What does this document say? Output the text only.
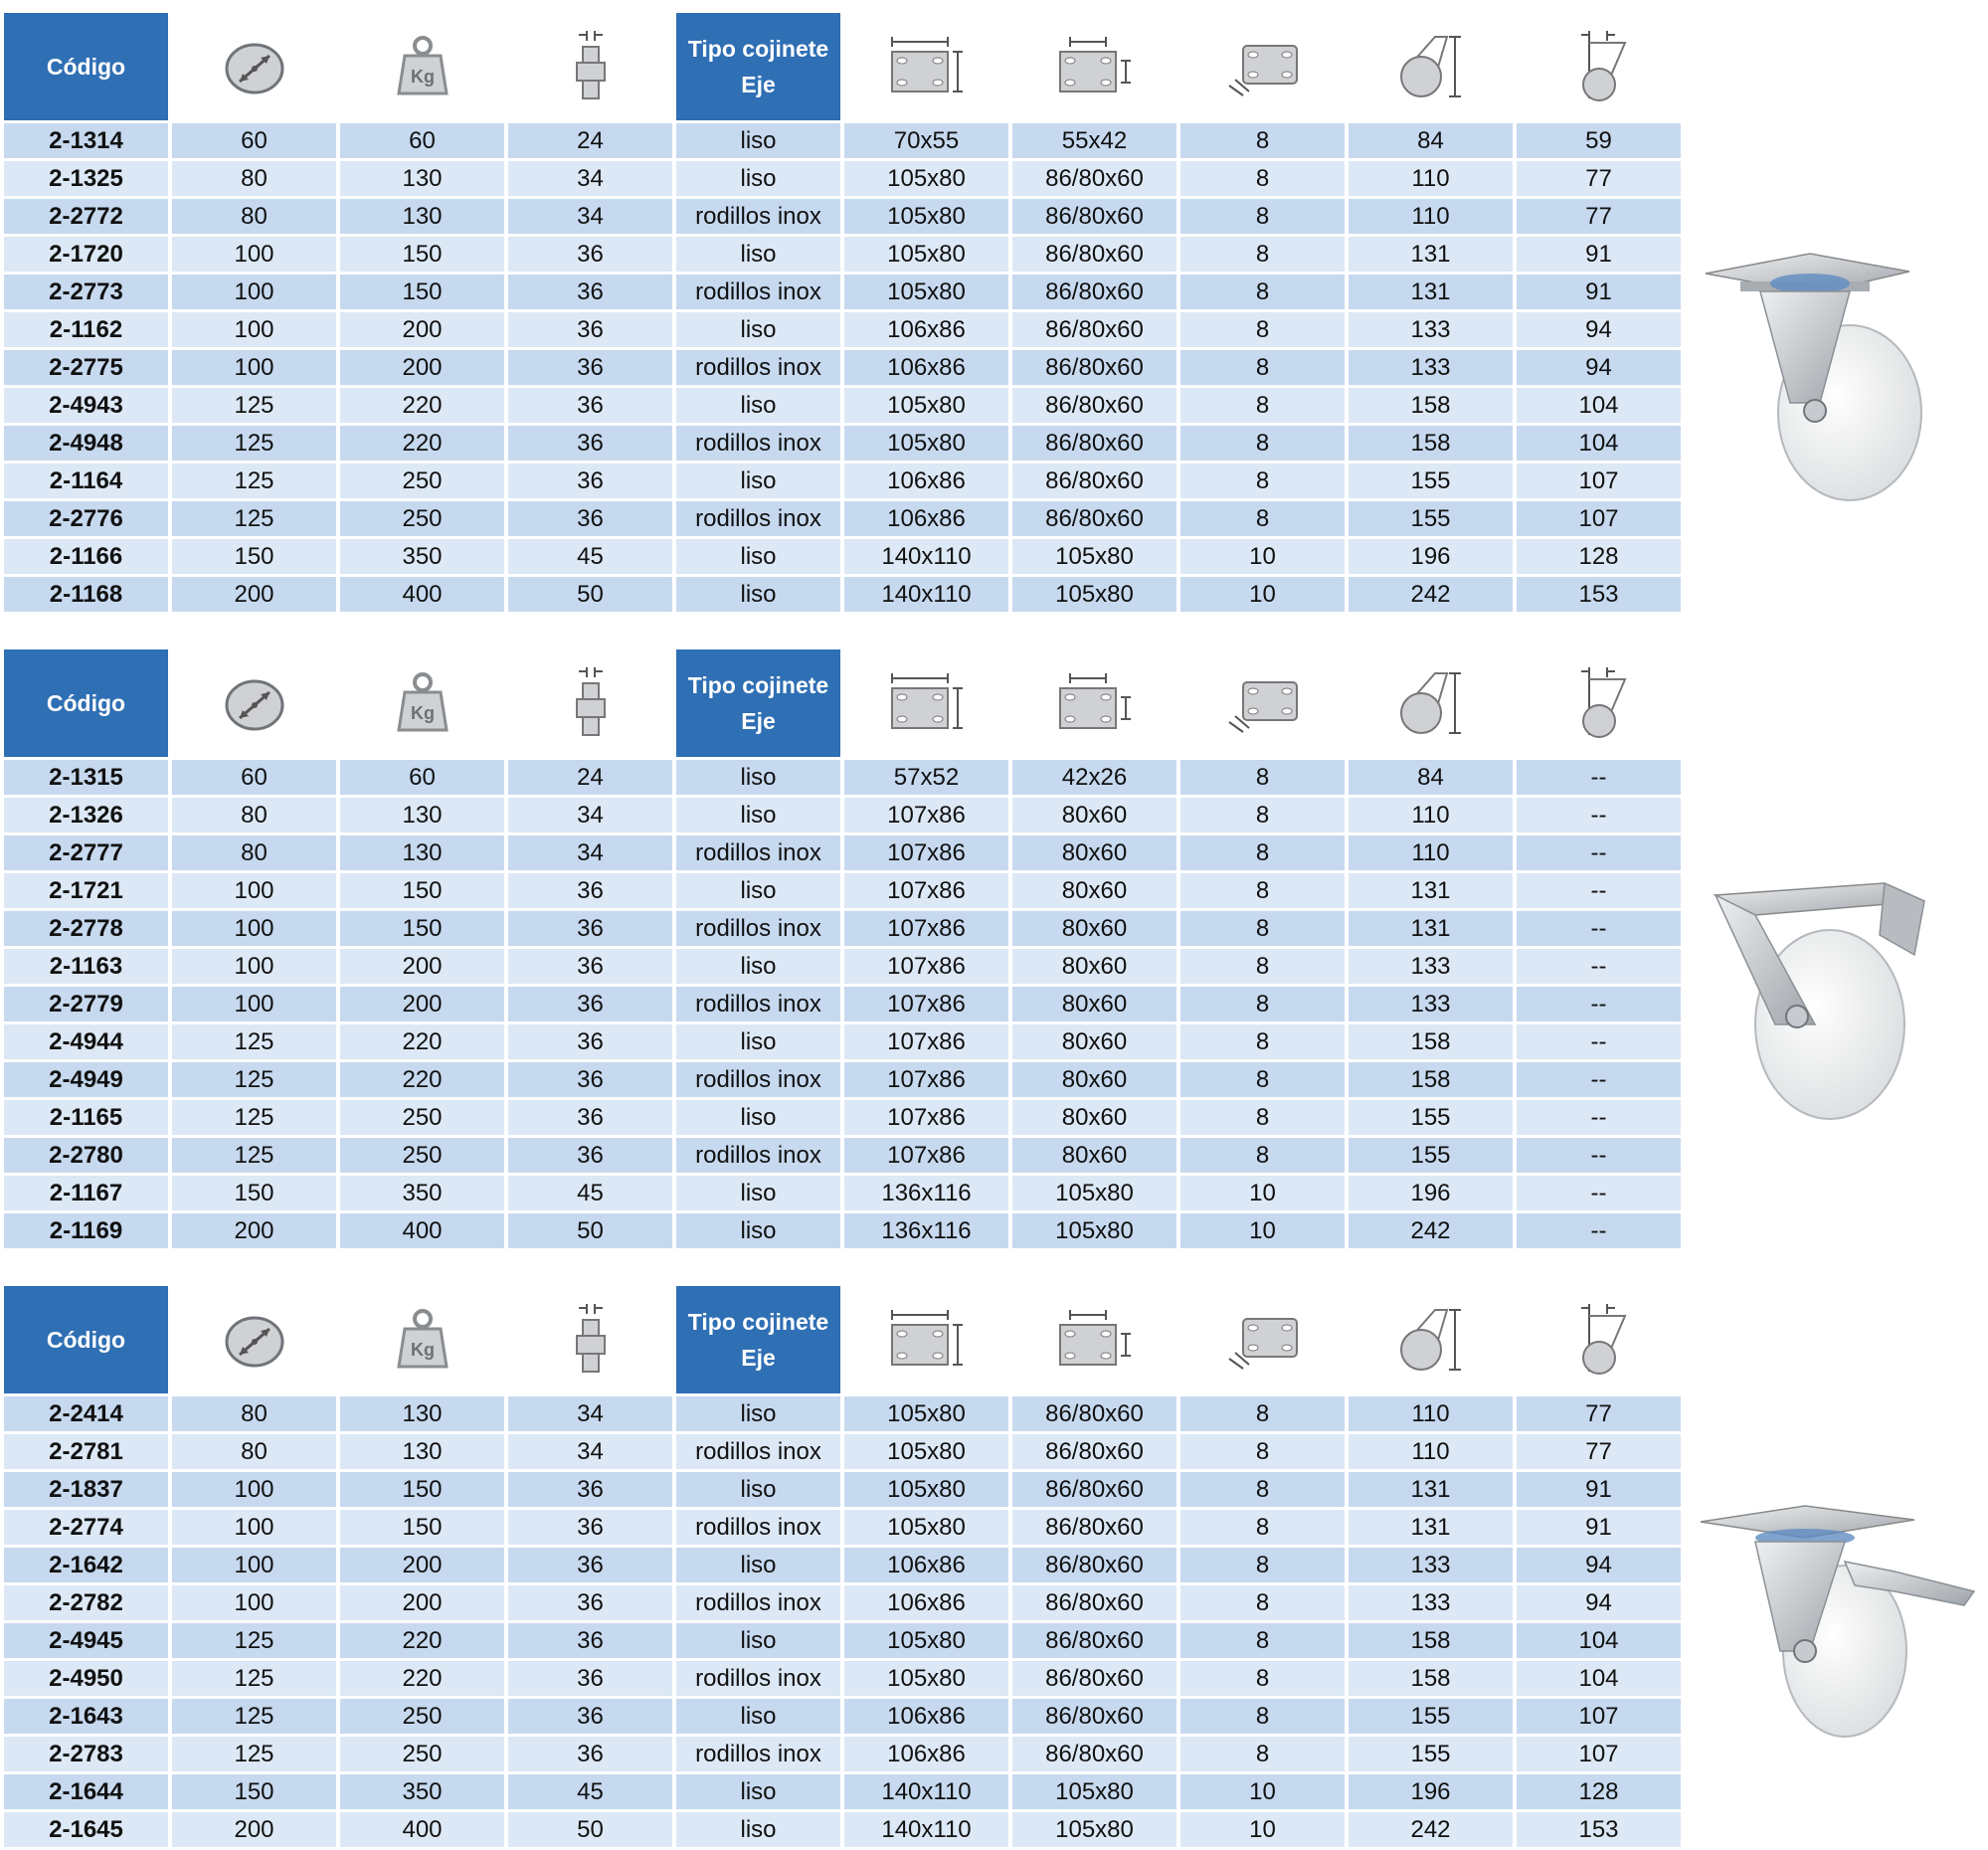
Código		Kg		Tipo cojinete
Eje

2-1314	60	60	24	liso	70x55	55x42	8	84	59
2-1325	80	130	34	liso	105x80	86/80x60	8	110	77
2-2772	80	130	34	rodillos inox	105x80	86/80x60	8	110	77
2-1720	100	150	36	liso	105x80	86/80x60	8	131	91
2-2773	100	150	36	rodillos inox	105x80	86/80x60	8	131	91
2-1162	100	200	36	liso	106x86	86/80x60	8	133	94
2-2775	100	200	36	rodillos inox	106x86	86/80x60	8	133	94
2-4943	125	220	36	liso	105x80	86/80x60	8	158	104
2-4948	125	220	36	rodillos inox	105x80	86/80x60	8	158	104
2-1164	125	250	36	liso	106x86	86/80x60	8	155	107
2-2776	125	250	36	rodillos inox	106x86	86/80x60	8	155	107
2-1166	150	350	45	liso	140x110	105x80	10	196	128
2-1168	200	400	50	liso	140x110	105x80	10	242	153
Código		Kg		Tipo cojinete
Eje

2-1315	60	60	24	liso	57x52	42x26	8	84	--
2-1326	80	130	34	liso	107x86	80x60	8	110	--
2-2777	80	130	34	rodillos inox	107x86	80x60	8	110	--
2-1721	100	150	36	liso	107x86	80x60	8	131	--
2-2778	100	150	36	rodillos inox	107x86	80x60	8	131	--
2-1163	100	200	36	liso	107x86	80x60	8	133	--
2-2779	100	200	36	rodillos inox	107x86	80x60	8	133	--
2-4944	125	220	36	liso	107x86	80x60	8	158	--
2-4949	125	220	36	rodillos inox	107x86	80x60	8	158	--
2-1165	125	250	36	liso	107x86	80x60	8	155	--
2-2780	125	250	36	rodillos inox	107x86	80x60	8	155	--
2-1167	150	350	45	liso	136x116	105x80	10	196	--
2-1169	200	400	50	liso	136x116	105x80	10	242	--
Código		Kg		Tipo cojinete
Eje

2-2414	80	130	34	liso	105x80	86/80x60	8	110	77
2-2781	80	130	34	rodillos inox	105x80	86/80x60	8	110	77
2-1837	100	150	36	liso	105x80	86/80x60	8	131	91
2-2774	100	150	36	rodillos inox	105x80	86/80x60	8	131	91
2-1642	100	200	36	liso	106x86	86/80x60	8	133	94
2-2782	100	200	36	rodillos inox	106x86	86/80x60	8	133	94
2-4945	125	220	36	liso	105x80	86/80x60	8	158	104
2-4950	125	220	36	rodillos inox	105x80	86/80x60	8	158	104
2-1643	125	250	36	liso	106x86	86/80x60	8	155	107
2-2783	125	250	36	rodillos inox	106x86	86/80x60	8	155	107
2-1644	150	350	45	liso	140x110	105x80	10	196	128
2-1645	200	400	50	liso	140x110	105x80	10	242	153
